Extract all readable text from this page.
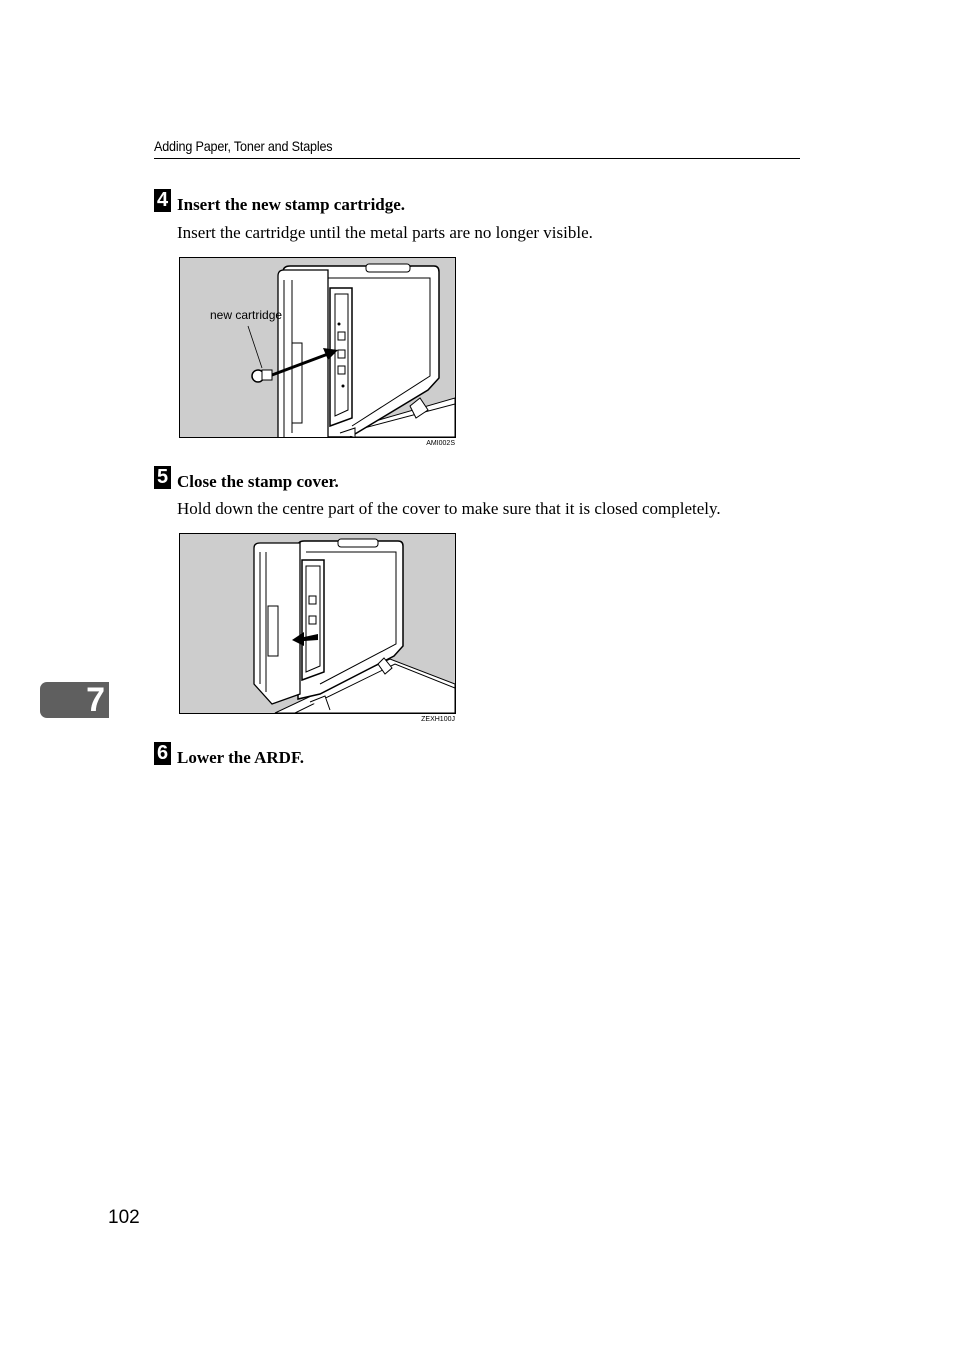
Adding Paper, Toner and Staples
4 Insert the new stamp cartridge.
Insert the cartridge until the metal parts are no longer visible.
new cartridge
AMI002S
5 Close the stamp cover.
Hold down the centre part of the cover to make sure that it is closed completely.
ZEXH100J
6 Lower the ARDF.
7
102
